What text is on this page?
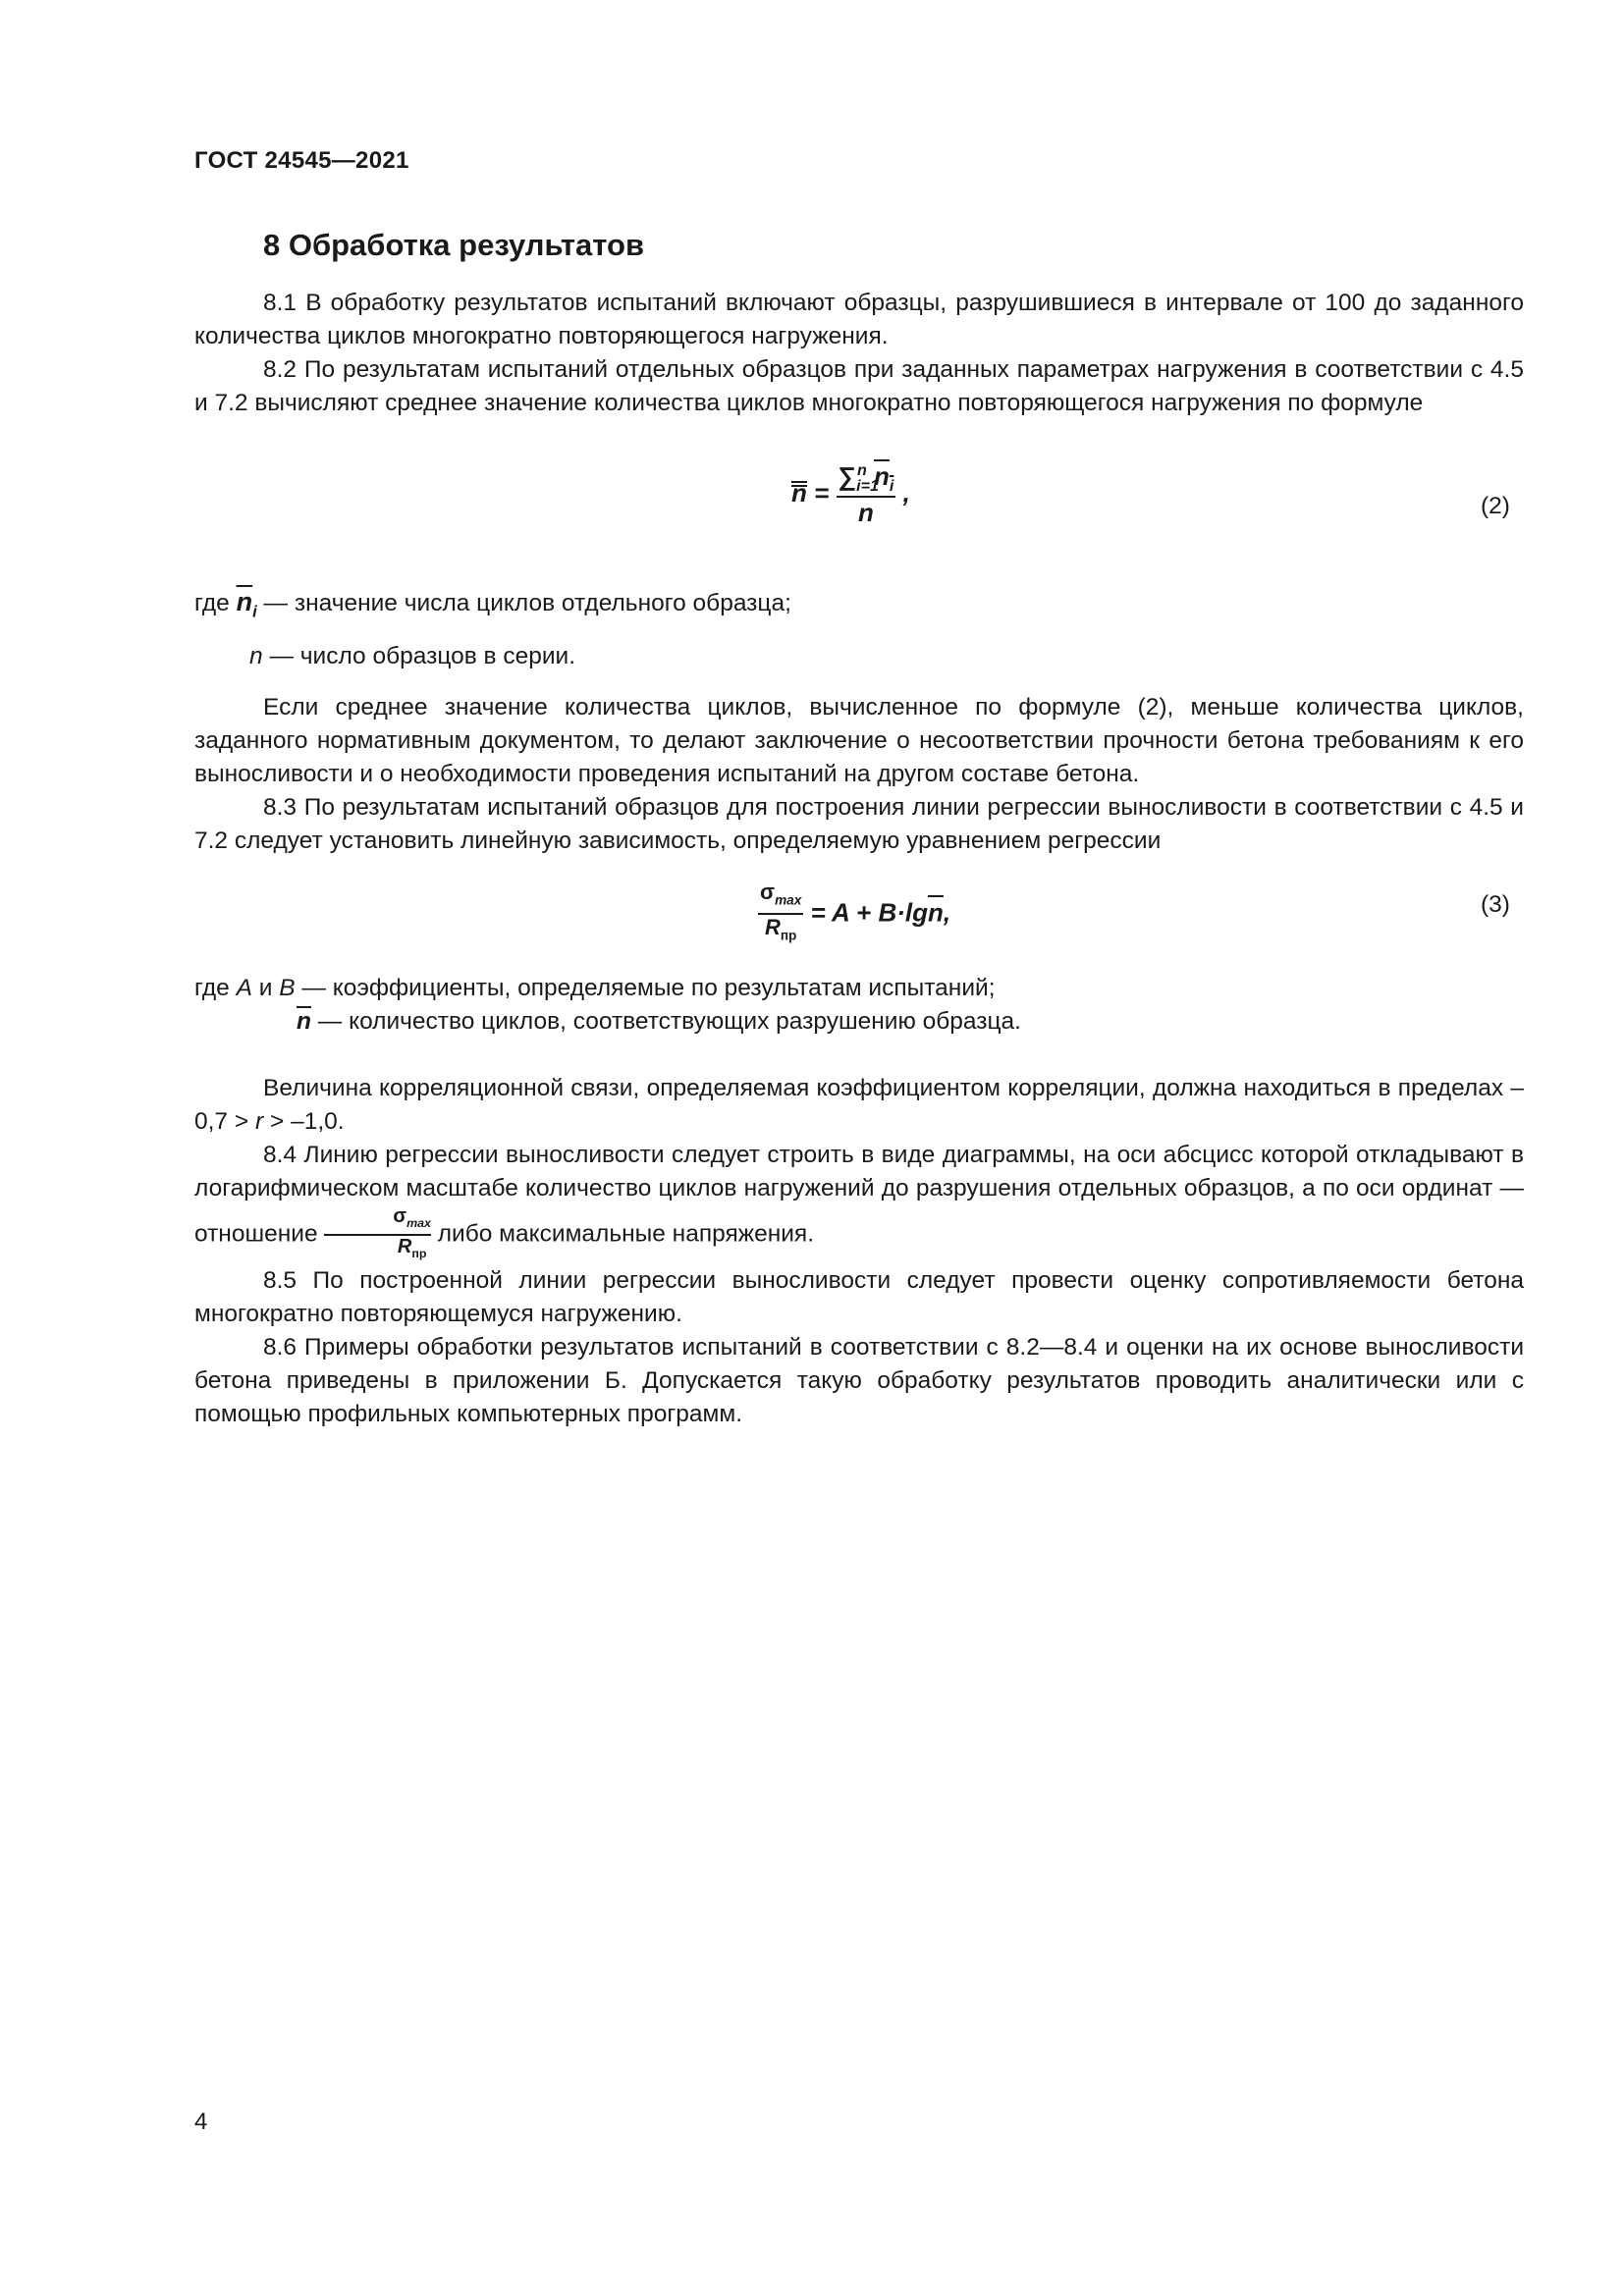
ГОСТ 24545—2021
8 Обработка результатов

8.1 В обработку результатов испытаний включают образцы, разрушившиеся в интервале от 100 до заданного количества циклов многократно повторяющегося нагружения.

8.2 По результатам испытаний отдельных образцов при заданных параметрах нагружения в соответствии с 4.5 и 7.2 вычисляют среднее значение количества циклов многократно повторяющегося нагружения по формуле

$n = \frac{\sum_{i=1}^n n_i}{n}$ ,	(2)
где $\overline{n}_i$ — значение числа циклов отдельного образца;
n — число образцов в серии.

Если среднее значение количества циклов, вычисленное по формуле (2), меньше количества циклов, заданного нормативным документом, то делают заключение о несоответствии прочности бетона требованиям к его выносливости и о необходимости проведения испытаний на другом составе бетона.

8.3 По результатам испытаний образцов для построения линии регрессии выносливости в соответствии с 4.5 и 7.2 следует установить линейную зависимость, определяемую уравнением регрессии

$\frac{\sigma_{max}}{R_{пр}} = A + B\cdot\lg\overline{n}$,	(3)
где A и B — коэффициенты, определяемые по результатам испытаний;
$\overline{n}$ — количество циклов, соответствующих разрушению образца.

Величина корреляционной связи, определяемая коэффициентом корреляции, должна находиться в пределах –0,7 > r > –1,0.

8.4 Линию регрессии выносливости следует строить в виде диаграммы, на оси абсцисс которой откладывают в логарифмическом масштабе количество циклов нагружений до разрушения отдельных образцов, а по оси ординат — отношение $\frac{\sigma_{max}}{R_{пр}}$ либо максимальные напряжения.

8.5 По построенной линии регрессии выносливости следует провести оценку сопротивляемости бетона многократно повторяющемуся нагружению.

8.6 Примеры обработки результатов испытаний в соответствии с 8.2—8.4 и оценки на их основе выносливости бетона приведены в приложении Б. Допускается такую обработку результатов проводить аналитически или с помощью профильных компьютерных программ.

4
